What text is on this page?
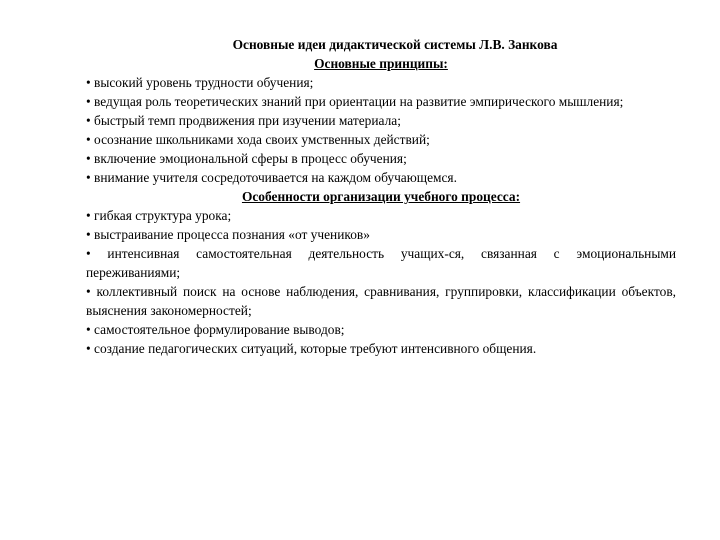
Основные идеи дидактической системы Л.В. Занкова
Основные принципы:

• высокий уровень трудности обучения;

• ведущая роль теоретических знаний при ориентации на развитие эмпирического мышления;

• быстрый темп продвижения при изучении материала;

• осознание школьниками хода своих умственных действий;

• включение эмоциональной сферы в процесс обучения;

• внимание учителя сосредоточивается на каждом обучающемся.

Особенности организации учебного процесса:

• гибкая структура урока;

• выстраивание процесса познания «от учеников»

• интенсивная самостоятельная деятельность учащих-ся, связанная с эмоциональными переживаниями;

• коллективный поиск на основе наблюдения, сравнивания, группировки, классификации объектов, выяснения закономерностей;

• самостоятельное формулирование выводов;

• создание педагогических ситуаций, которые требуют интенсивного общения.
